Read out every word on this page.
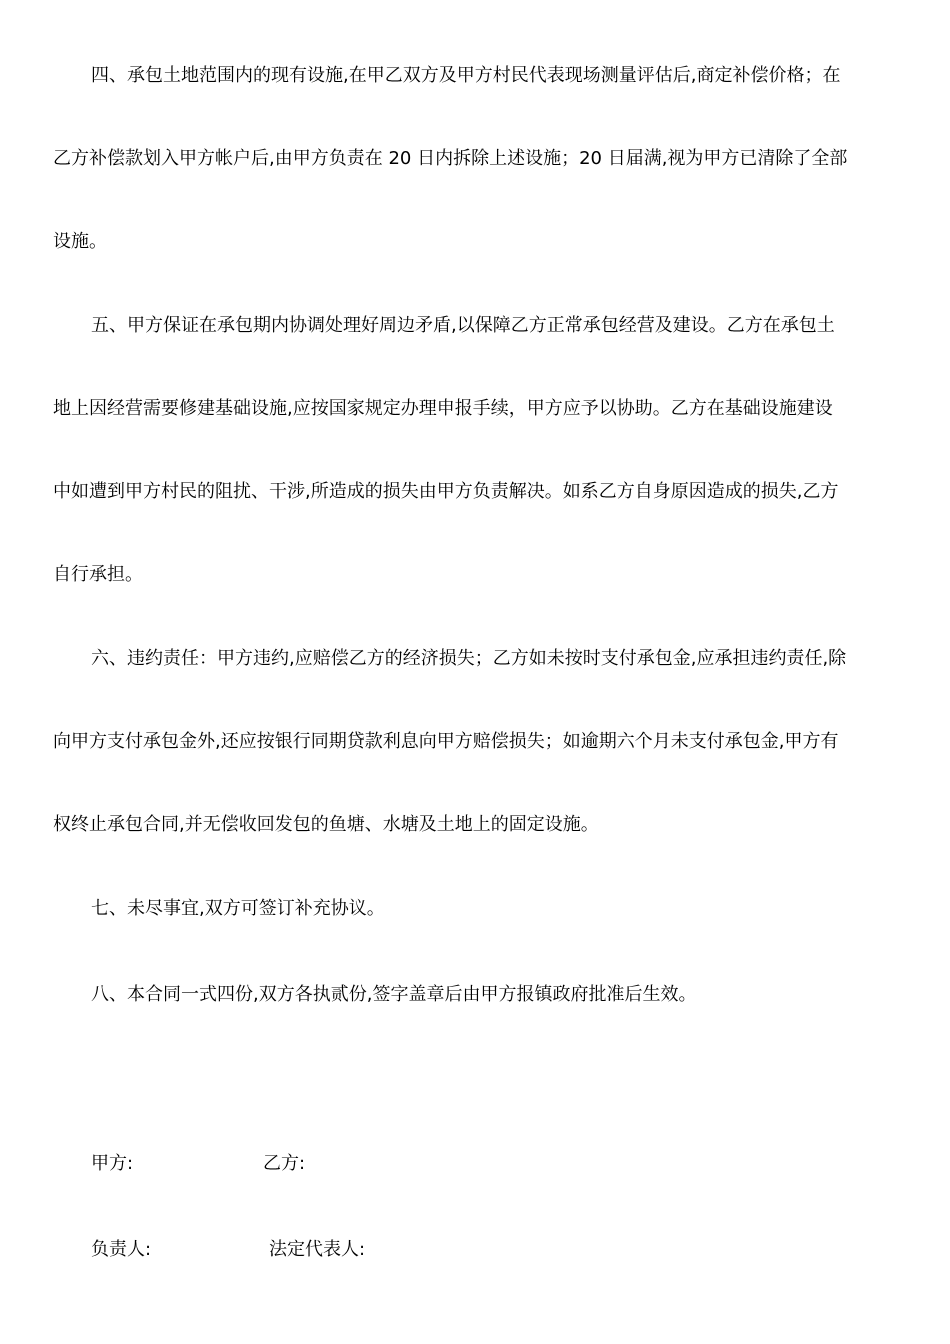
四、承包土地范围内的现有设施,在甲乙双方及甲方村民代表现场测量评估后,商定补偿价格；在
乙方补偿款划入甲方帐户后,由甲方负责在 20 日内拆除上述设施；20 日届满,视为甲方已清除了全部
设施。
五、甲方保证在承包期内协调处理好周边矛盾,以保障乙方正常承包经营及建设。乙方在承包土
地上因经营需要修建基础设施,应按国家规定办理申报手续，甲方应予以协助。乙方在基础设施建设
中如遭到甲方村民的阻扰、干涉,所造成的损失由甲方负责解决。如系乙方自身原因造成的损失,乙方
自行承担。
六、违约责任：甲方违约,应赔偿乙方的经济损失；乙方如未按时支付承包金,应承担违约责任,除
向甲方支付承包金外,还应按银行同期贷款利息向甲方赔偿损失；如逾期六个月未支付承包金,甲方有
权终止承包合同,并无偿收回发包的鱼塘、水塘及土地上的固定设施。
七、未尽事宜,双方可签订补充协议。
八、本合同一式四份,双方各执贰份,签字盖章后由甲方报镇政府批准后生效。
甲方:	乙方:
负责人:	法定代表人:
